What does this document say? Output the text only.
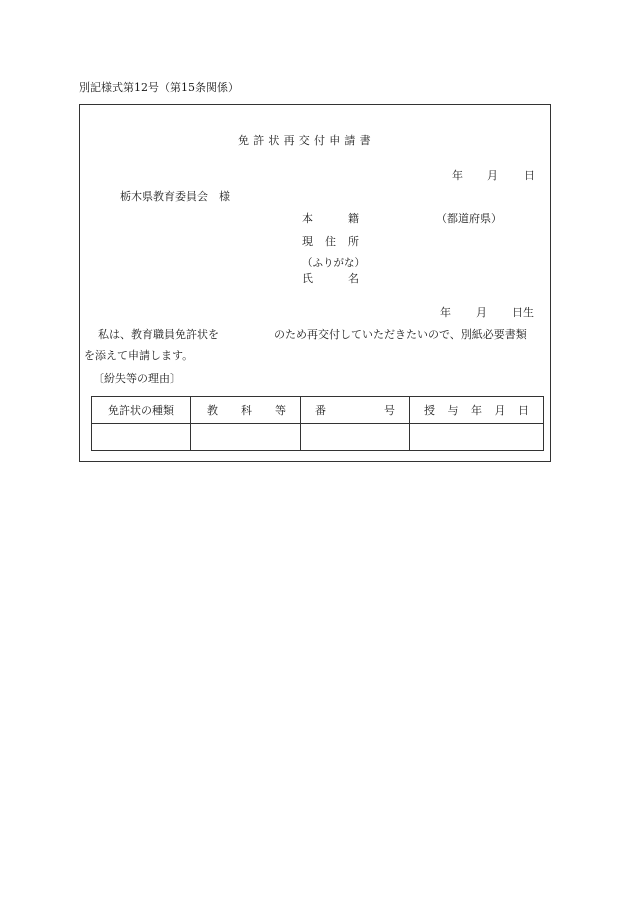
別記様式第12号（第15条関係）
免許状再交付申請書
年 月 日
栃木県教育委員会　様
本	籍	（都道府県）
現 住 所
（ふりがな）
氏	名
年 月 日生
私は、教育職員免許状を	のため再交付していただきたいので、別紙必要書類
を添えて申請します。
〔紛失等の理由〕
免許状の種類	教 科 等	番 号	授 与 年 月 日
